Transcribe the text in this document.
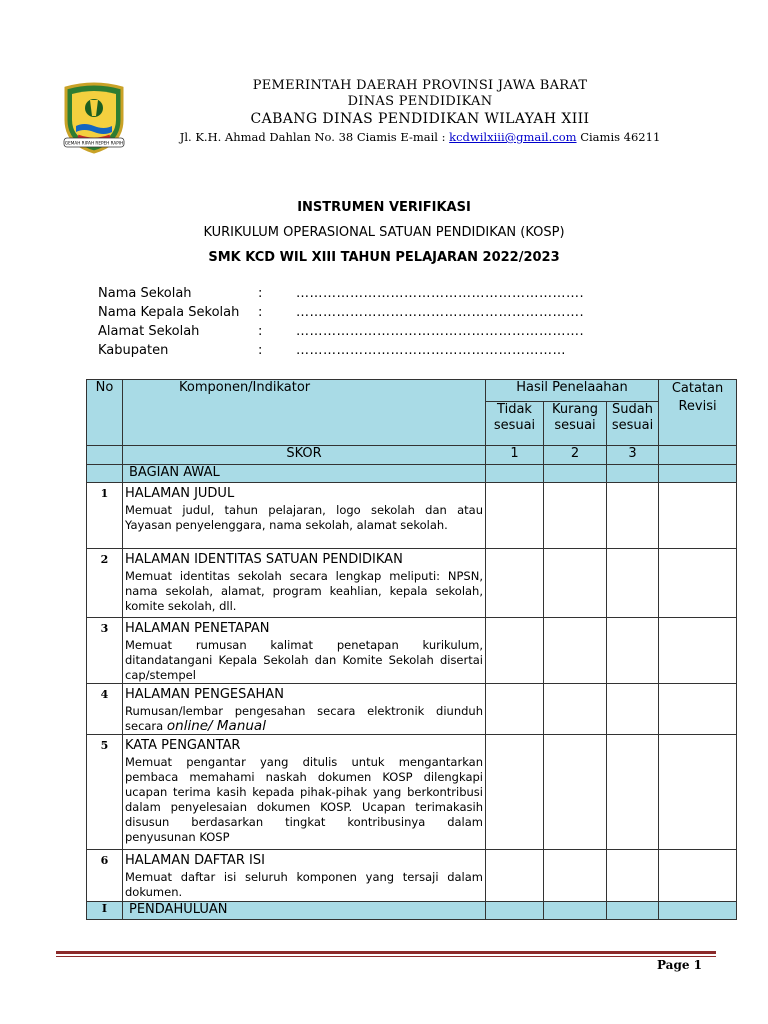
GEMAH RIPAH REPEH RAPIH
PEMERINTAH DAERAH PROVINSI JAWA BARAT
DINAS PENDIDIKAN
CABANG DINAS PENDIDIKAN WILAYAH XIII
Jl. K.H. Ahmad Dahlan No. 38 Ciamis E-mail : kcdwilxiii@gmail.com Ciamis 46211
INSTRUMEN VERIFIKASI
KURIKULUM OPERASIONAL SATUAN PENDIDIKAN (KOSP)
SMK KCD WIL XIII TAHUN PELAJARAN 2022/2023
Nama Sekolah	:	……………………………………………………….
Nama Kepala Sekolah	:	……………………………………………………….
Alamat Sekolah	:	……………………………………………………….
Kabupaten	:	……………………………………………………
No	Komponen/Indikator	Hasil Penelaahan			Catatan Revisi
		Tidak sesuai	Kurang sesuai	Sudah sesuai	
	SKOR	1	2	3	
	BAGIAN AWAL				
1	HALAMAN JUDUL
Memuat judul, tahun pelajaran, logo sekolah dan atau Yayasan penyelenggara, nama sekolah, alamat sekolah.				

2	HALAMAN IDENTITAS SATUAN PENDIDIKAN
Memuat identitas sekolah secara lengkap meliputi: NPSN, nama sekolah, alamat, program keahlian, kepala sekolah, komite sekolah, dll.				

3	HALAMAN PENETAPAN
Memuat rumusan kalimat penetapan kurikulum, ditandatangani Kepala Sekolah dan Komite Sekolah disertai cap/stempel				

4	HALAMAN PENGESAHAN
Rumusan/lembar pengesahan secara elektronik diunduh secara online/ Manual				

5	KATA PENGANTAR
Memuat pengantar yang ditulis untuk mengantarkan pembaca memahami naskah dokumen KOSP dilengkapi ucapan terima kasih kepada pihak-pihak yang berkontribusi dalam penyelesaian dokumen KOSP. Ucapan terimakasih disusun berdasarkan tingkat kontribusinya dalam penyusunan KOSP				

6	HALAMAN DAFTAR ISI
Memuat daftar isi seluruh komponen yang tersaji dalam dokumen.				

I	PENDAHULUAN				
Page 1
